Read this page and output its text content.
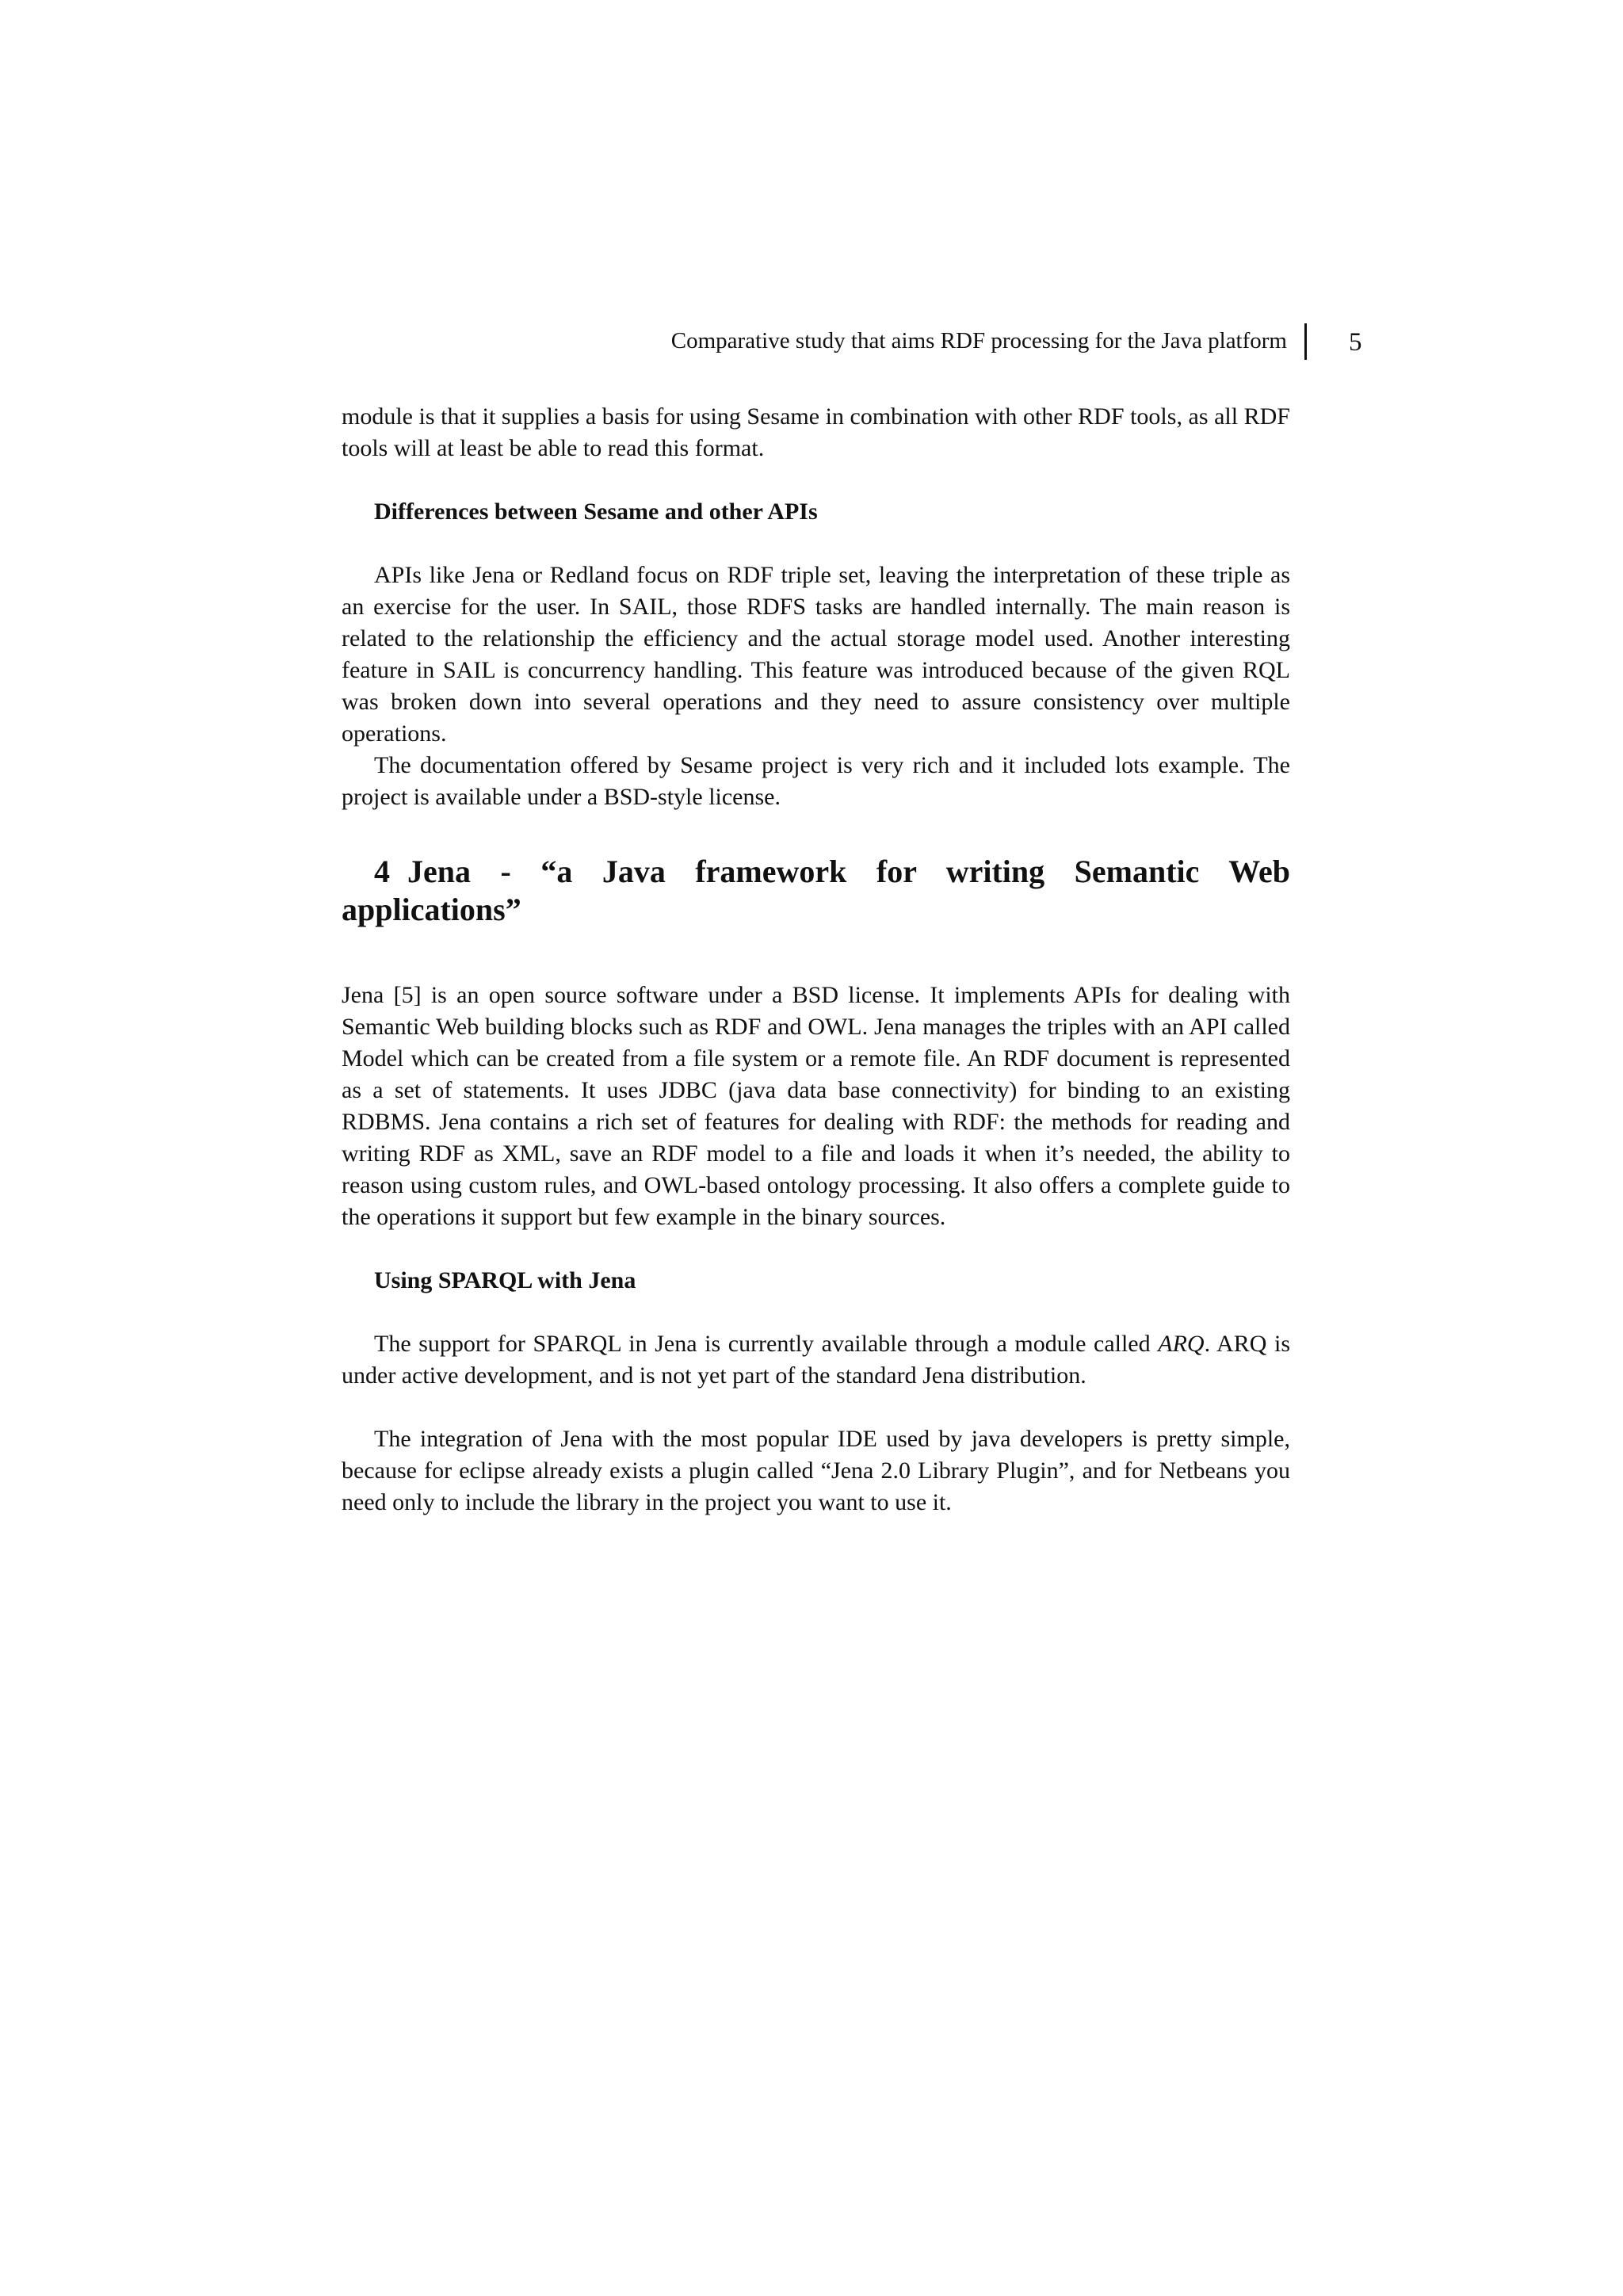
Comparative study that aims RDF processing for the Java platform 5

module is that it supplies a basis for using Sesame in combination with other RDF tools, as all RDF tools will at least be able to read this format.

Differences between Sesame and other APIs

APIs like Jena or Redland focus on RDF triple set, leaving the interpretation of these triple as an exercise for the user. In SAIL, those RDFS tasks are handled internally. The main reason is related to the relationship the efficiency and the actual storage model used. Another interesting feature in SAIL is concurrency handling. This feature was introduced because of the given RQL was broken down into several operations and they need to assure consistency over multiple operations.

The documentation offered by Sesame project is very rich and it included lots example. The project is available under a BSD-style license.

4 Jena - “a Java framework for writing Semantic Web applications”

Jena [5] is an open source software under a BSD license. It implements APIs for dealing with Semantic Web building blocks such as RDF and OWL. Jena manages the triples with an API called Model which can be created from a file system or a remote file. An RDF document is represented as a set of statements. It uses JDBC (java data base connectivity) for binding to an existing RDBMS. Jena contains a rich set of features for dealing with RDF: the methods for reading and writing RDF as XML, save an RDF model to a file and loads it when it’s needed, the ability to reason using custom rules, and OWL-based ontology processing. It also offers a complete guide to the operations it support but few example in the binary sources.

Using SPARQL with Jena

The support for SPARQL in Jena is currently available through a module called ARQ. ARQ is under active development, and is not yet part of the standard Jena distribution.

The integration of Jena with the most popular IDE used by java developers is pretty simple, because for eclipse already exists a plugin called “Jena 2.0 Library Plugin”, and for Netbeans you need only to include the library in the project you want to use it.
